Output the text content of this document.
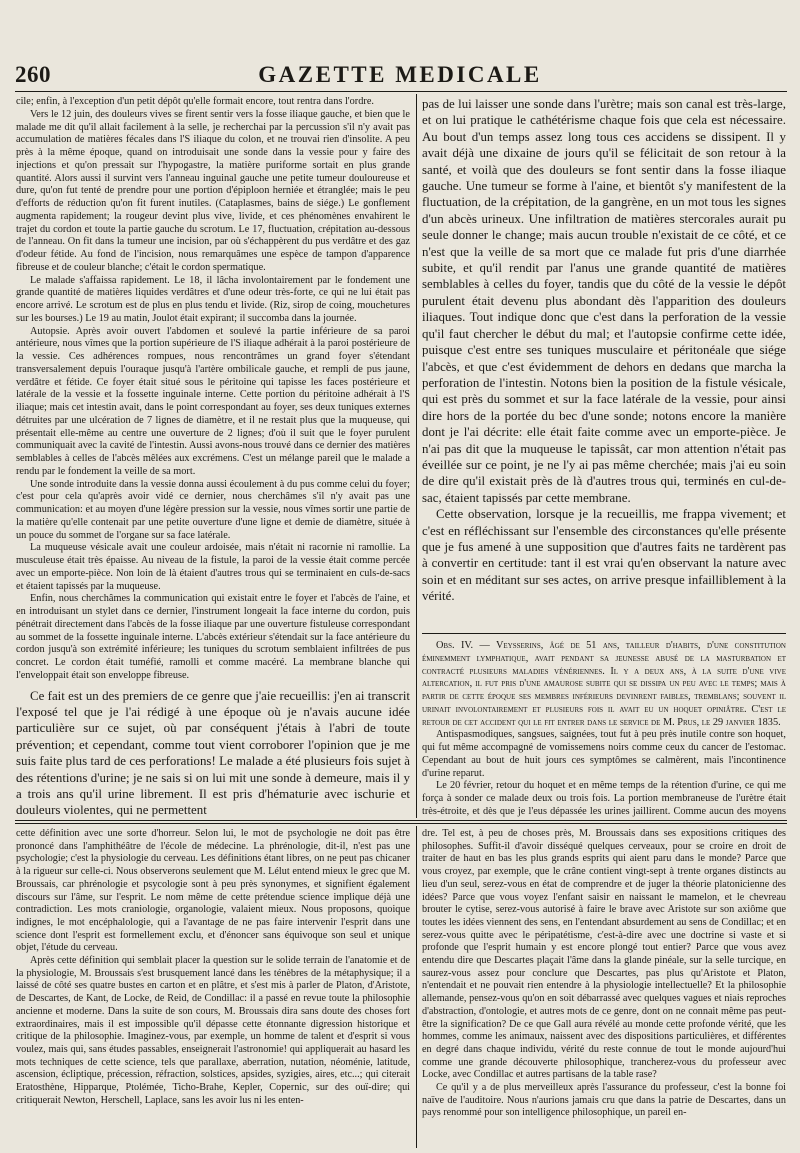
260	GAZETTE MEDICALE

cile; enfin, à l'exception d'un petit dépôt qu'elle formait encore, tout rentra dans l'ordre.

Vers le 12 juin, des douleurs vives se firent sentir vers la fosse iliaque gauche, et bien que le malade me dit qu'il allait facilement à la selle, je recherchai par la percussion s'il n'y avait pas accumulation de matières fécales dans l'S iliaque du colon, et ne trouvai rien d'insolite. A peu près à la même époque, quand on introduisait une sonde dans la vessie pour y faire des injections et qu'on pressait sur l'hypogastre, la matière puriforme sortait en plus grande quantité. Alors aussi il survint vers l'anneau inguinal gauche une petite tumeur douloureuse et dure, qu'on fut tenté de prendre pour une portion d'épiploon herniée et étranglée; mais le peu d'efforts de réduction qu'on fit furent inutiles. (Cataplasmes, bains de siége.) Le gonflement augmenta rapidement; la rougeur devint plus vive, livide, et ces phénomènes envahirent le trajet du cordon et toute la partie gauche du scrotum. Le 17, fluctuation, crépitation au-dessous de l'anneau. On fit dans la tumeur une incision, par où s'échappèrent du pus verdâtre et des gaz d'odeur fétide. Au fond de l'incision, nous remarquâmes une espèce de tampon d'apparence fibreuse et de couleur blanche; c'était le cordon spermatique.

Le malade s'affaissa rapidement. Le 18, il lâcha involontairement par le fondement une grande quantité de matières liquides verdâtres et d'une odeur très-forte, ce qui ne lui était pas encore arrivé. Le scrotum est de plus en plus tendu et livide. (Riz, sirop de coing, mouchetures sur les bourses.) Le 19 au matin, Joulot était expirant; il succomba dans la journée.

Autopsie. Après avoir ouvert l'abdomen et soulevé la partie inférieure de sa paroi antérieure, nous vîmes que la portion supérieure de l'S iliaque adhérait à la paroi postérieure de la vessie. Ces adhérences rompues, nous rencontrâmes un grand foyer s'étendant transversalement depuis l'ouraque jusqu'à l'artère ombilicale gauche, et rempli de pus jaune, verdâtre et fétide. Ce foyer était situé sous le péritoine qui tapisse les faces postérieure et latérale de la vessie et la fossette inguinale interne. Cette portion du péritoine adhérait à l'S iliaque; mais cet intestin avait, dans le point correspondant au foyer, ses deux tuniques externes détruites par une ulcération de 7 lignes de diamètre, et il ne restait plus que la muqueuse, qui présentait elle-même au centre une ouverture de 2 lignes; d'où il suit que le foyer purulent communiquait avec la cavité de l'intestin. Aussi avons-nous trouvé dans ce dernier des matières semblables à celles de l'abcès mêlées aux excrémens. C'est un mélange pareil que le malade a rendu par le fondement la veille de sa mort.

Une sonde introduite dans la vessie donna aussi écoulement à du pus comme celui du foyer; c'est pour cela qu'après avoir vidé ce dernier, nous cherchâmes s'il n'y avait pas une communication: et au moyen d'une légère pression sur la vessie, nous vîmes sortir une partie de la matière qu'elle contenait par une petite ouverture d'une ligne et demie de diamètre, située à un pouce du sommet de l'organe sur sa face latérale.

La muqueuse vésicale avait une couleur ardoisée, mais n'était ni racornie ni ramollie. La musculeuse était très épaisse. Au niveau de la fistule, la paroi de la vessie était comme percée avec un emporte-pièce. Non loin de là étaient d'autres trous qui se terminaient en culs-de-sacs et étaient tapissés par la muqueuse.

Enfin, nous cherchâmes la communication qui existait entre le foyer et l'abcès de l'aine, et en introduisant un stylet dans ce dernier, l'instrument longeait la face interne du cordon, puis pénétrait directement dans l'abcès de la fosse iliaque par une ouverture fistuleuse correspondant au sommet de la fossette inguinale interne. L'abcès extérieur s'étendait sur la face antérieure du cordon jusqu'à son extrémité inférieure; les tuniques du scrotum semblaient infiltrées de pus concret. Le cordon était tuméfié, ramolli et comme macéré. La membrane blanche qui l'enveloppait était son enveloppe fibreuse.

Ce fait est un des premiers de ce genre que j'aie recueillis: j'en ai transcrit l'exposé tel que je l'ai rédigé à une époque où je n'avais aucune idée particulière sur ce sujet, où par conséquent j'étais à l'abri de toute prévention; et cependant, comme tout vient corroborer l'opinion que je me suis faite plus tard de ces perforations! Le malade a été plusieurs fois sujet à des rétentions d'urine; je ne sais si on lui mit une sonde à demeure, mais il y a trois ans qu'il urine librement. Il est pris d'hématurie avec ischurie et douleurs violentes, qui ne permettent

pas de lui laisser une sonde dans l'urètre; mais son canal est très-large, et on lui pratique le cathétérisme chaque fois que cela est nécessaire. Au bout d'un temps assez long tous ces accidens se dissipent. Il y avait déjà une dixaine de jours qu'il se félicitait de son retour à la santé, et voilà que des douleurs se font sentir dans la fosse iliaque gauche. Une tumeur se forme à l'aine, et bientôt s'y manifestent de la fluctuation, de la crépitation, de la gangrène, en un mot tous les signes d'un abcès urineux. Une infiltration de matières stercorales aurait pu seule donner le change; mais aucun trouble n'existait de ce côté, et ce n'est que la veille de sa mort que ce malade fut pris d'une diarrhée subite, et qu'il rendit par l'anus une grande quantité de matières semblables à celles du foyer, tandis que du côté de la vessie le dépôt purulent était devenu plus abondant dès l'apparition des douleurs iliaques. Tout indique donc que c'est dans la perforation de la vessie qu'il faut chercher le début du mal; et l'autopsie confirme cette idée, puisque c'est entre ses tuniques musculaire et péritonéale que siége l'abcès, et que c'est évidemment de dehors en dedans que marcha la perforation de l'intestin. Notons bien la position de la fistule vésicale, qui est près du sommet et sur la face latérale de la vessie, pour ainsi dire hors de la portée du bec d'une sonde; notons encore la manière dont je l'ai décrite: elle était faite comme avec un emporte-pièce. Je n'ai pas dit que la muqueuse le tapissât, car mon attention n'était pas éveillée sur ce point, je ne l'y ai pas même cherchée; mais j'ai eu soin de dire qu'il existait près de là d'autres trous qui, terminés en cul-de-sac, étaient tapissés par cette membrane.

Cette observation, lorsque je la recueillis, me frappa vivement; et c'est en réfléchissant sur l'ensemble des circonstances qu'elle présente que je fus amené à une supposition que d'autres faits ne tardèrent pas à convertir en certitude: tant il est vrai qu'en observant la nature avec soin et en méditant sur ses actes, on arrive presque infailliblement à la vérité.

Obs. IV. — Veysserins, âgé de 51 ans, tailleur d'habits, d'une constitution éminemment lymphatique, avait pendant sa jeunesse abusé de la masturbation et contracté plusieurs maladies vénériennes. Il y a deux ans, à la suite d'une vive altercation, il fut pris d'une amaurose subite qui se dissipa un peu avec le temps; mais à partir de cette époque ses membres inférieurs devinrent faibles, tremblans; souvent il urinait involontairement et plusieurs fois il avait eu un hoquet opiniâtre. C'est le retour de cet accident qui le fit entrer dans le service de M. Prus, le 29 janvier 1835.

Antispasmodiques, sangsues, saignées, tout fut à peu près inutile contre son hoquet, qui fut même accompagné de vomissemens noirs comme ceux du cancer de l'estomac. Cependant au bout de huit jours ces symptômes se calmèrent, mais l'incontinence d'urine reparut.

Le 20 février, retour du hoquet et en même temps de la rétention d'urine, ce qui me força à sonder ce malade deux ou trois fois. La portion membraneuse de l'urètre était très-étroite, et dès que je l'eus dépassée les urines jaillirent. Comme aucun des moyens

cette définition avec une sorte d'horreur. Selon lui, le mot de psychologie ne doit pas être prononcé dans l'amphithéâtre de l'école de médecine. La phrénologie, dit-il, n'est pas une psychologie; c'est la physiologie du cerveau. Les définitions étant libres, on ne peut pas chicaner à la rigueur sur celle-ci. Nous observerons seulement que M. Lélut entend mieux le grec que M. Broussais, car phrénologie et psycologie sont à peu près synonymes, et signifient également discours sur l'âme, sur l'esprit. Le nom même de cette prétendue science implique déjà une contradiction. Les mots craniologie, organologie, valaient mieux. Nous proposons, quoique indignes, le mot encéphalologie, qui a l'avantage de ne pas faire intervenir l'esprit dans une science dont l'esprit est formellement exclu, et d'énoncer sans équivoque son seul et unique objet, l'étude du cerveau.

Après cette définition qui semblait placer la question sur le solide terrain de l'anatomie et de la physiologie, M. Broussais s'est brusquement lancé dans les ténèbres de la métaphysique; il a laissé de côté ses quatre bustes en carton et en plâtre, et s'est mis à parler de Platon, d'Aristote, de Descartes, de Kant, de Locke, de Reid, de Condillac: il a passé en revue toute la philosophie ancienne et moderne. Dans la suite de son cours, M. Broussais dira sans doute des choses fort extraordinaires, mais il est impossible qu'il dépasse cette étonnante digression historique et critique de la philosophie. Imaginez-vous, par exemple, un homme de talent et d'esprit si vous voulez, mais qui, sans études passables, enseignerait l'astronomie! qui appliquerait au hasard les mots techniques de cette science, tels que parallaxe, aberration, nutation, néoménie, latitude, ascension, écliptique, précession, réfraction, solstices, apsides, syzigies, aires, etc...; qui citerait Eratosthène, Hipparque, Ptolémée, Ticho-Brahe, Kepler, Copernic, sur des ouï-dire; qui critiquerait Newton, Herschell, Laplace, sans les avoir lus ni les enten-

dre. Tel est, à peu de choses près, M. Broussais dans ses expositions critiques des philosophes. Suffit-il d'avoir disséqué quelques cerveaux, pour se croire en droit de traiter de haut en bas les plus grands esprits qui aient paru dans le monde? Parce que vous croyez, par exemple, que le crâne contient vingt-sept à trente organes distincts au lieu d'un seul, serez-vous en état de comprendre et de juger la théorie platonicienne des idées? Parce que vous voyez l'enfant saisir en naissant le mamelon, et le chevreau brouter le cytise, serez-vous autorisé à faire le brave avec Aristote sur son axiôme que toutes les idées viennent des sens, en l'entendant absurdement au sens de Condillac; et en serez-vous quitte avec le péripatétisme, c'est-à-dire avec une doctrine si vaste et si profonde que l'esprit humain y est encore plongé tout entier? Parce que vous avez entendu dire que Descartes plaçait l'âme dans la glande pinéale, sur la selle turcique, en saurez-vous assez pour conclure que Descartes, pas plus qu'Aristote et Platon, n'entendait et ne pouvait rien entendre à la physiologie intellectuelle? Et la philosophie allemande, pensez-vous qu'on en soit débarrassé avec quelques vagues et niais reproches d'abstraction, d'ontologie, et autres mots de ce genre, dont on ne connait même pas peut-être la signification? De ce que Gall aura révélé au monde cette profonde vérité, que les hommes, comme les animaux, naissent avec des dispositions particulières, et différentes en degré dans chaque individu, vérité du reste connue de tout le monde aujourd'hui comme une grande découverte philosophique, trancherez-vous du professeur avec Locke, avec Condillac et autres partisans de la table rase?

Ce qu'il y a de plus merveilleux après l'assurance du professeur, c'est la bonne foi naïve de l'auditoire. Nous n'aurions jamais cru que dans la patrie de Descartes, dans un pays renommé pour son intelligence philosophique, un pareil en-
